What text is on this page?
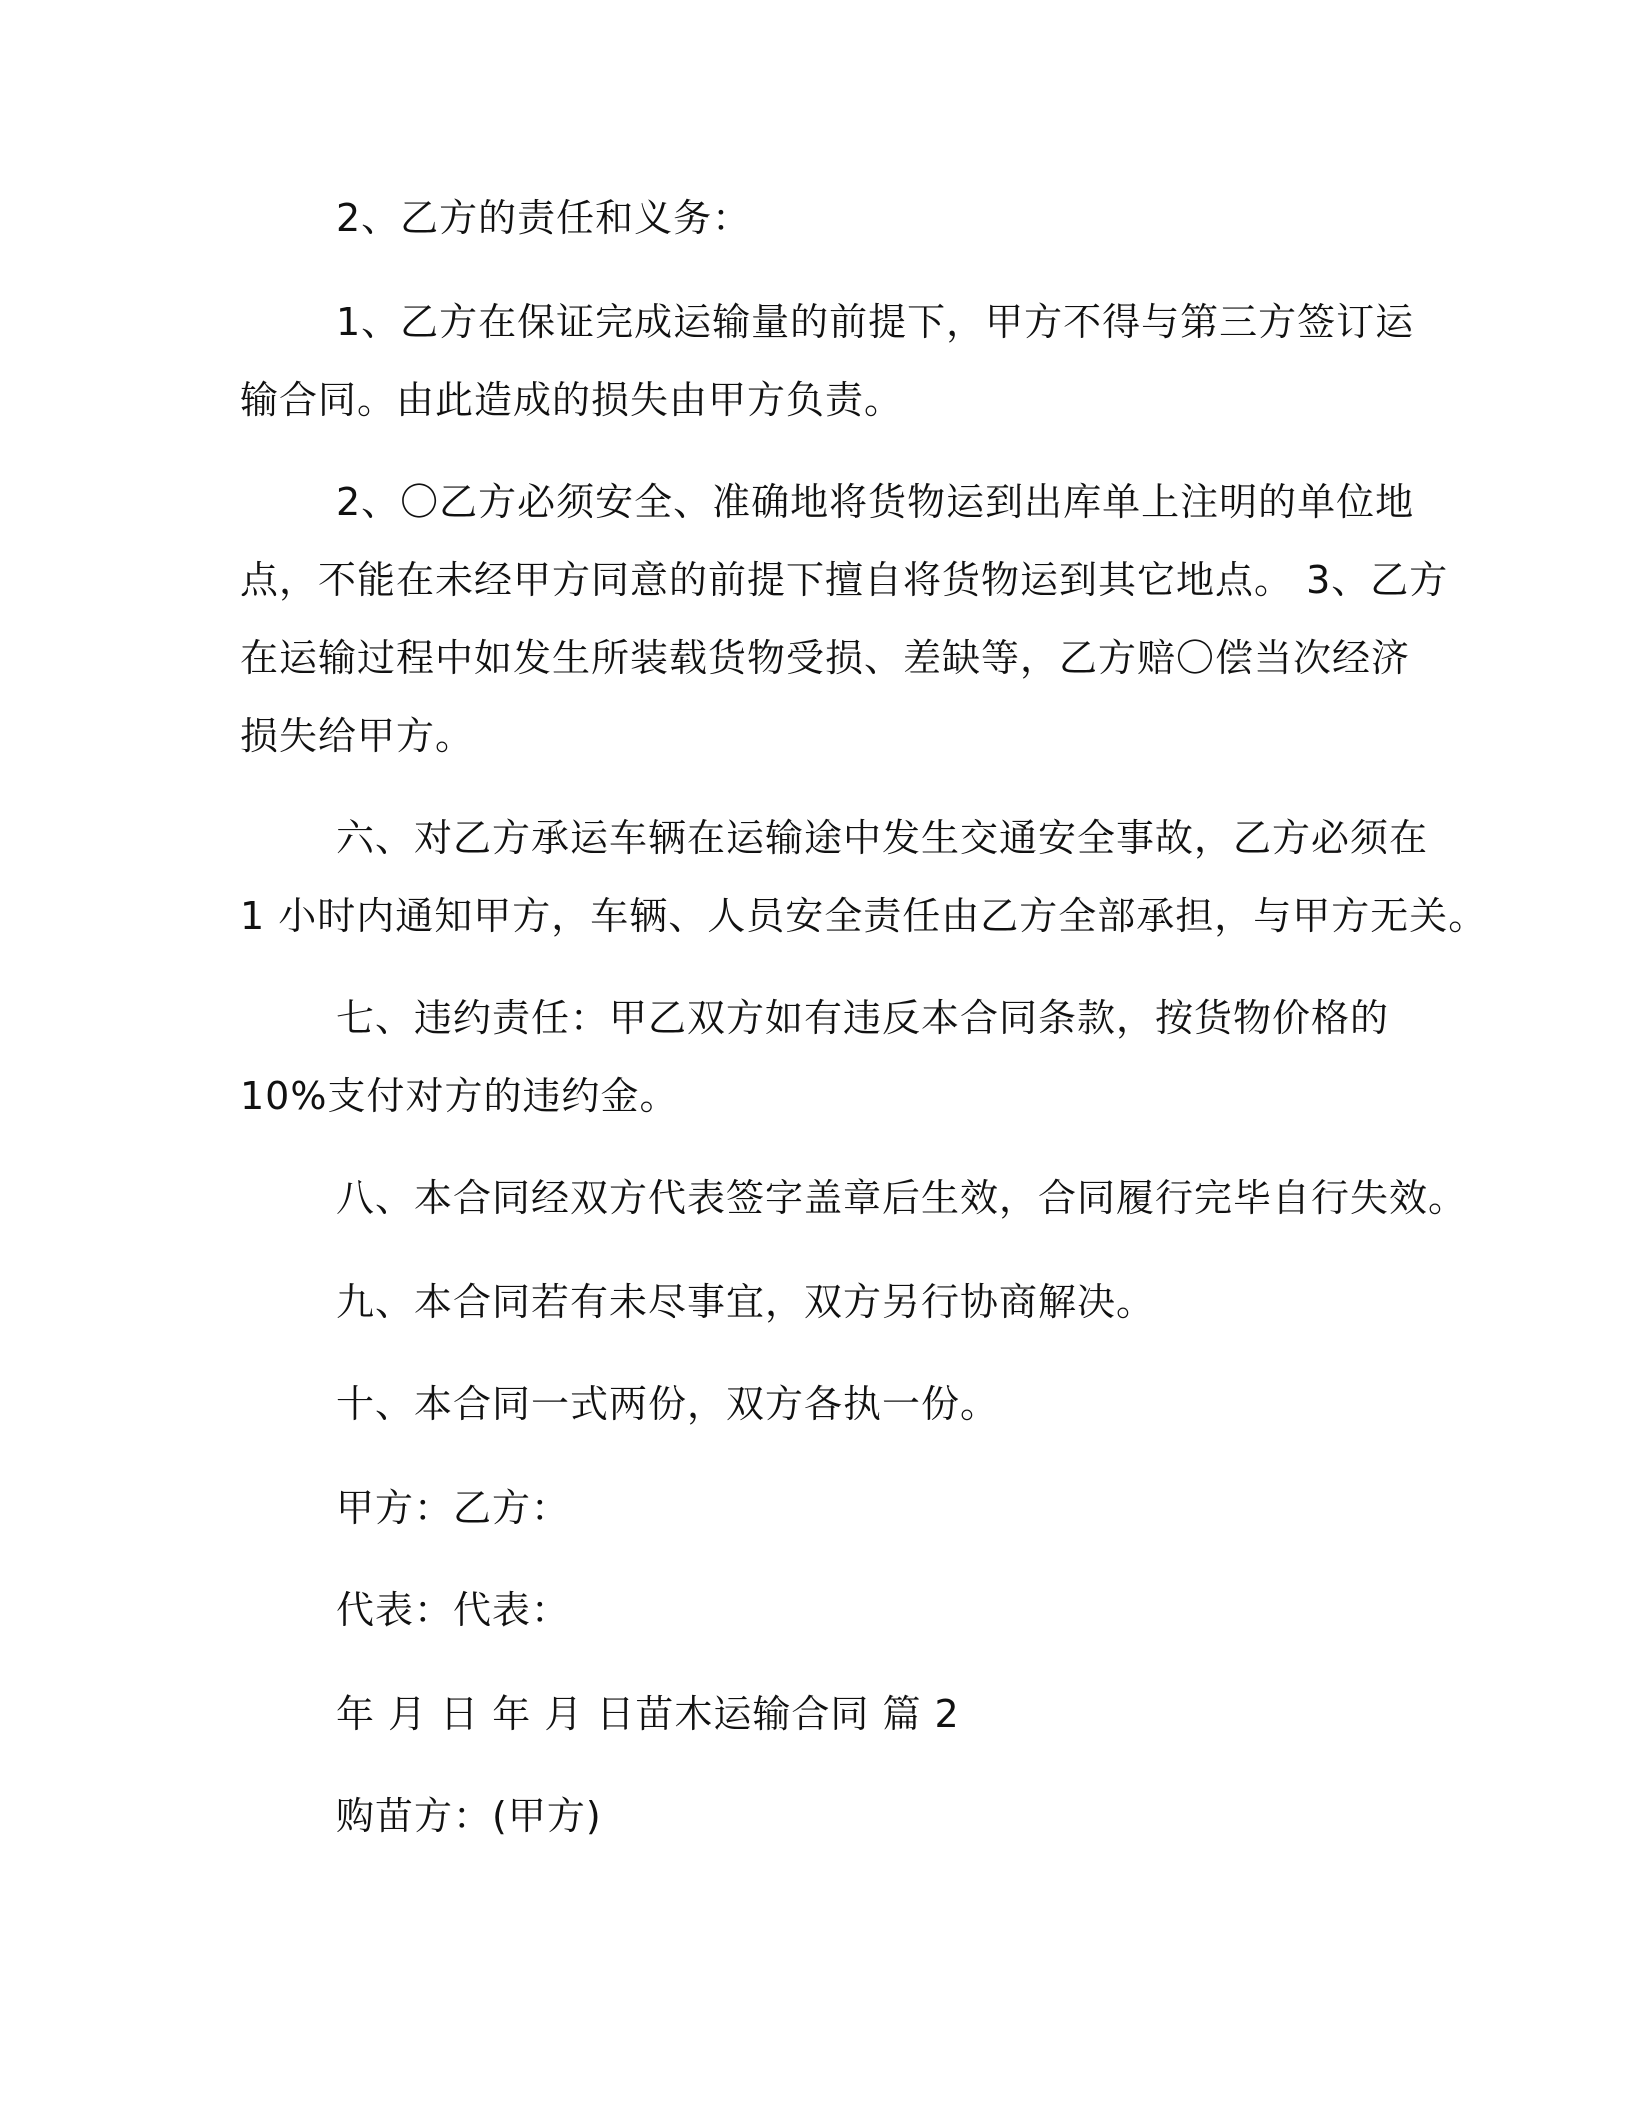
2、乙方的责任和义务：
1、乙方在保证完成运输量的前提下，甲方不得与第三方签订运
输合同。由此造成的损失由甲方负责。
2、〇乙方必须安全、准确地将货物运到出库单上注明的单位地
点，不能在未经甲方同意的前提下擅自将货物运到其它地点。 3、乙方
在运输过程中如发生所装载货物受损、差缺等，乙方赔〇偿当次经济
损失给甲方。
六、对乙方承运车辆在运输途中发生交通安全事故，乙方必须在
1 小时内通知甲方，车辆、人员安全责任由乙方全部承担，与甲方无关。
七、违约责任：甲乙双方如有违反本合同条款，按货物价格的
10%支付对方的违约金。
八、本合同经双方代表签字盖章后生效，合同履行完毕自行失效。
九、本合同若有未尽事宜，双方另行协商解决。
十、本合同一式两份，双方各执一份。
甲方：乙方：
代表：代表：
年 月 日 年 月 日苗木运输合同 篇 2
购苗方：(甲方)
